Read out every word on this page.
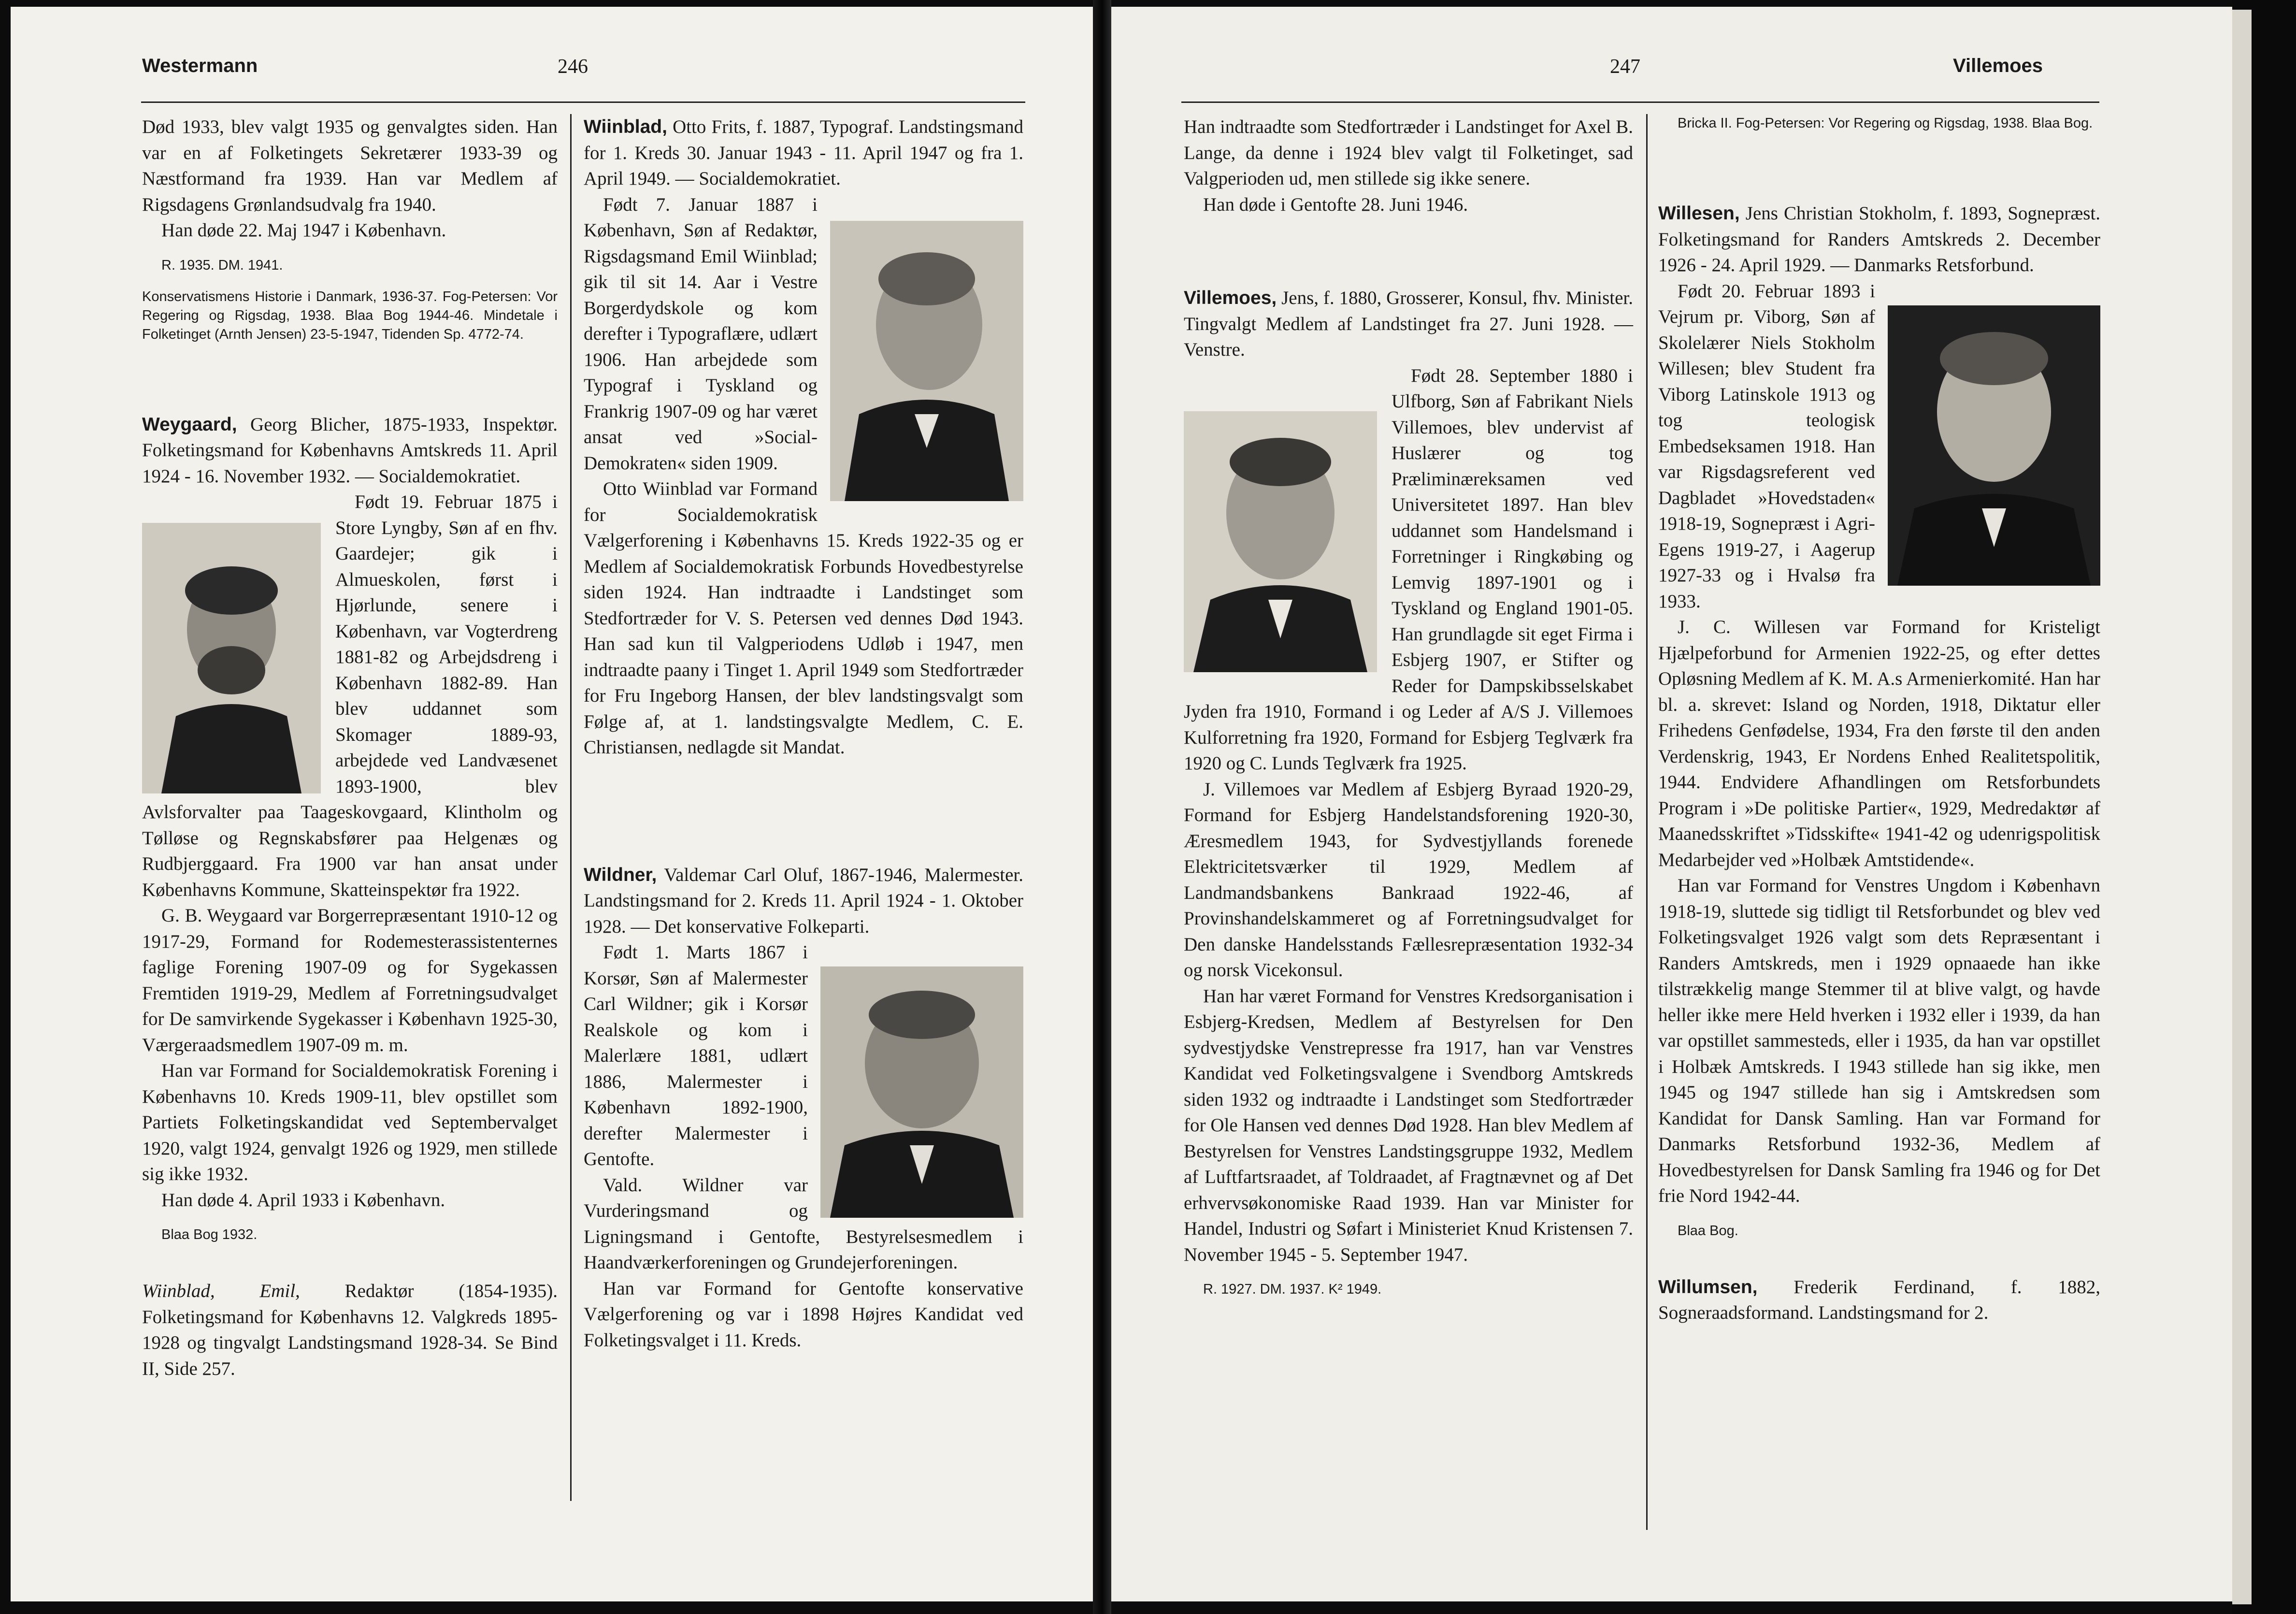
Westermann	246

Død 1933, blev valgt 1935 og genvalgtes siden. Han var en af Folketingets Sekretærer 1933-39 og Næstformand fra 1939. Han var Medlem af Rigsdagens Grønlandsudvalg fra 1940.

Han døde 22. Maj 1947 i København.

R. 1935. DM. 1941.

Konservatismens Historie i Danmark, 1936-37. Fog-Petersen: Vor Regering og Rigsdag, 1938. Blaa Bog 1944-46. Mindetale i Folketinget (Arnth Jensen) 23-5-1947, Tidenden Sp. 4772-74.

Weygaard, Georg Blicher, 1875-1933, Inspektør. Folketingsmand for Københavns Amtskreds 11. April 1924 - 16. November 1932. — Socialdemokratiet.

Født 19. Februar 1875 i Store Lyngby, Søn af en fhv. Gaardejer; gik i Almueskolen, først i Hjørlunde, senere i København, var Vogterdreng 1881-82 og Arbejdsdreng i København 1882-89. Han blev uddannet som Skomager 1889-93, arbejdede ved Landvæsenet 1893-1900, blev Avlsforvalter paa Taageskovgaard, Klintholm og Tølløse og Regnskabsfører paa Helgenæs og Rudbjerggaard. Fra 1900 var han ansat under Københavns Kommune, Skatteinspektør fra 1922.

G. B. Weygaard var Borgerrepræsentant 1910-12 og 1917-29, Formand for Rodemesterassistenternes faglige Forening 1907-09 og for Sygekassen Fremtiden 1919-29, Medlem af Forretningsudvalget for De samvirkende Sygekasser i København 1925-30, Værgeraadsmedlem 1907-09 m. m.

Han var Formand for Socialdemokratisk Forening i Københavns 10. Kreds 1909-11, blev opstillet som Partiets Folketingskandidat ved Septembervalget 1920, valgt 1924, genvalgt 1926 og 1929, men stillede sig ikke 1932.

Han døde 4. April 1933 i København.

Blaa Bog 1932.

Wiinblad, Emil, Redaktør (1854-1935). Folketingsmand for Københavns 12. Valgkreds 1895-1928 og tingvalgt Landstingsmand 1928-34. Se Bind II, Side 257.

Wiinblad, Otto Frits, f. 1887, Typograf. Landstingsmand for 1. Kreds 30. Januar 1943 - 11. April 1947 og fra 1. April 1949. — Socialdemokratiet.

Født 7. Januar 1887 i København, Søn af Redaktør, Rigsdagsmand Emil Wiinblad; gik til sit 14. Aar i Vestre Borgerdydskole og kom derefter i Typograflære, udlært 1906. Han arbejdede som Typograf i Tyskland og Frankrig 1907-09 og har været ansat ved »Social-Demokraten« siden 1909.

Otto Wiinblad var Formand for Socialdemokratisk Vælgerforening i Københavns 15. Kreds 1922-35 og er Medlem af Socialdemokratisk Forbunds Hovedbestyrelse siden 1924. Han indtraadte i Landstinget som Stedfortræder for V. S. Petersen ved dennes Død 1943. Han sad kun til Valgperiodens Udløb i 1947, men indtraadte paany i Tinget 1. April 1949 som Stedfortræder for Fru Ingeborg Hansen, der blev landstingsvalgt som Følge af, at 1. landstingsvalgte Medlem, C. E. Christiansen, nedlagde sit Mandat.

Wildner, Valdemar Carl Oluf, 1867-1946, Malermester. Landstingsmand for 2. Kreds 11. April 1924 - 1. Oktober 1928. — Det konservative Folkeparti.

Født 1. Marts 1867 i Korsør, Søn af Malermester Carl Wildner; gik i Korsør Realskole og kom i Malerlære 1881, udlært 1886, Malermester i København 1892-1900, derefter Malermester i Gentofte.

Vald. Wildner var Vurderingsmand og Ligningsmand i Gentofte, Bestyrelsesmedlem i Haandværkerforeningen og Grundejerforeningen.

Han var Formand for Gentofte konservative Vælgerforening og var i 1898 Højres Kandidat ved Folketingsvalget i 11. Kreds.

247	Villemoes

Han indtraadte som Stedfortræder i Landstinget for Axel B. Lange, da denne i 1924 blev valgt til Folketinget, sad Valgperioden ud, men stillede sig ikke senere.

Han døde i Gentofte 28. Juni 1946.

Villemoes, Jens, f. 1880, Grosserer, Konsul, fhv. Minister. Tingvalgt Medlem af Landstinget fra 27. Juni 1928. — Venstre.

Født 28. September 1880 i Ulfborg, Søn af Fabrikant Niels Villemoes, blev undervist af Huslærer og tog Præliminæreksamen ved Universitetet 1897. Han blev uddannet som Handelsmand i Forretninger i Ringkøbing og Lemvig 1897-1901 og i Tyskland og England 1901-05. Han grundlagde sit eget Firma i Esbjerg 1907, er Stifter og Reder for Dampskibsselskabet Jyden fra 1910, Formand i og Leder af A/S J. Villemoes Kulforretning fra 1920, Formand for Esbjerg Teglværk fra 1920 og C. Lunds Teglværk fra 1925.

J. Villemoes var Medlem af Esbjerg Byraad 1920-29, Formand for Esbjerg Handelstandsforening 1920-30, Æresmedlem 1943, for Sydvestjyllands forenede Elektricitetsværker til 1929, Medlem af Landmandsbankens Bankraad 1922-46, af Provinshandelskammeret og af Forretningsudvalget for Den danske Handelsstands Fællesrepræsentation 1932-34 og norsk Vicekonsul.

Han har været Formand for Venstres Kredsorganisation i Esbjerg-Kredsen, Medlem af Bestyrelsen for Den sydvestjydske Venstrepresse fra 1917, han var Venstres Kandidat ved Folketingsvalgene i Svendborg Amtskreds siden 1932 og indtraadte i Landstinget som Stedfortræder for Ole Hansen ved dennes Død 1928. Han blev Medlem af Bestyrelsen for Venstres Landstingsgruppe 1932, Medlem af Luftfartsraadet, af Toldraadet, af Fragtnævnet og af Det erhvervsøkonomiske Raad 1939. Han var Minister for Handel, Industri og Søfart i Ministeriet Knud Kristensen 7. November 1945 - 5. September 1947.

R. 1927. DM. 1937. K² 1949.

Bricka II. Fog-Petersen: Vor Regering og Rigsdag, 1938. Blaa Bog.

Willesen, Jens Christian Stokholm, f. 1893, Sognepræst. Folketingsmand for Randers Amtskreds 2. December 1926 - 24. April 1929. — Danmarks Retsforbund.

Født 20. Februar 1893 i Vejrum pr. Viborg, Søn af Skolelærer Niels Stokholm Willesen; blev Student fra Viborg Latinskole 1913 og tog teologisk Embedseksamen 1918. Han var Rigsdagsreferent ved Dagbladet »Hovedstaden« 1918-19, Sognepræst i Agri-Egens 1919-27, i Aagerup 1927-33 og i Hvalsø fra 1933.

J. C. Willesen var Formand for Kristeligt Hjælpeforbund for Armenien 1922-25, og efter dettes Opløsning Medlem af K. M. A.s Armenierkomité. Han har bl. a. skrevet: Island og Norden, 1918, Diktatur eller Frihedens Genfødelse, 1934, Fra den første til den anden Verdenskrig, 1943, Er Nordens Enhed Realitetspolitik, 1944. Endvidere Afhandlingen om Retsforbundets Program i »De politiske Partier«, 1929, Medredaktør af Maanedsskriftet »Tidsskifte« 1941-42 og udenrigspolitisk Medarbejder ved »Holbæk Amtstidende«.

Han var Formand for Venstres Ungdom i København 1918-19, sluttede sig tidligt til Retsforbundet og blev ved Folketingsvalget 1926 valgt som dets Repræsentant i Randers Amtskreds, men i 1929 opnaaede han ikke tilstrækkelig mange Stemmer til at blive valgt, og havde heller ikke mere Held hverken i 1932 eller i 1939, da han var opstillet sammesteds, eller i 1935, da han var opstillet i Holbæk Amtskreds. I 1943 stillede han sig ikke, men 1945 og 1947 stillede han sig i Amtskredsen som Kandidat for Dansk Samling. Han var Formand for Danmarks Retsforbund 1932-36, Medlem af Hovedbestyrelsen for Dansk Samling fra 1946 og for Det frie Nord 1942-44.

Blaa Bog.

Willumsen, Frederik Ferdinand, f. 1882, Sogneraadsformand. Landstingsmand for 2.
